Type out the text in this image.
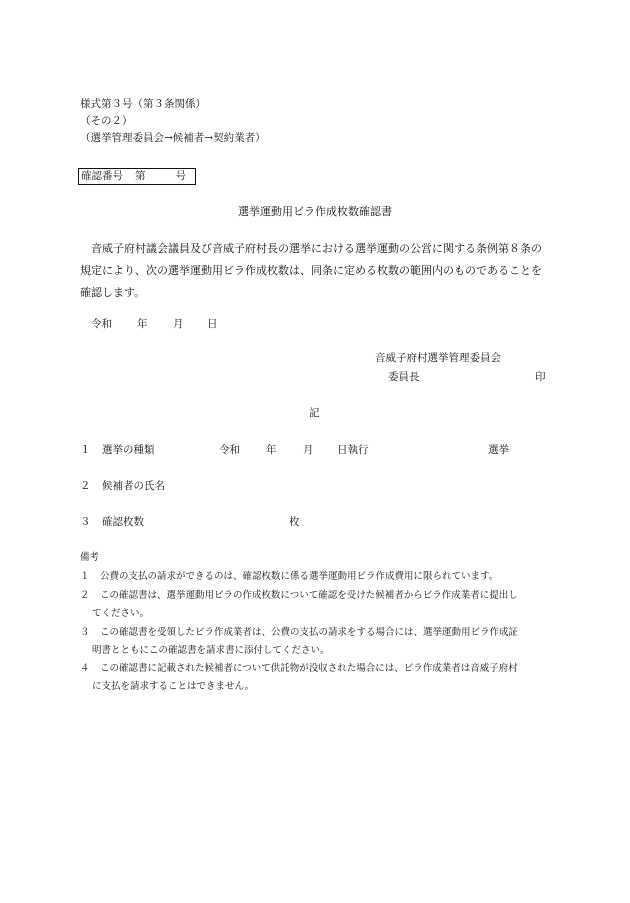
様式第３号（第３条関係）
（その２）
（選挙管理委員会→候補者→契約業者）
確認番号 第	号
選挙運動用ビラ作成枚数確認書
音威子府村議会議員及び音威子府村長の選挙における選挙運動の公営に関する条例第８条の規定により、次の選挙運動用ビラ作成枚数は、同条に定める枚数の範囲内のものであることを確認します。
令和 年 月 日
音威子府村選挙管理委員会
委員長	印
記
１ 選挙の種類	令和 年	月 日執行	選挙
２ 候補者の氏名
３ 確認枚数	枚
備考
１ 公費の支払の請求ができるのは、確認枚数に係る選挙運動用ビラ作成費用に限られています。
２ この確認書は、選挙運動用ビラの作成枚数について確認を受けた候補者からビラ作成業者に提出し
てください。
３ この確認書を受領したビラ作成業者は、公費の支払の請求をする場合には、選挙運動用ビラ作成証
明書とともにこの確認書を請求書に添付してください。
４ この確認書に記載された候補者について供託物が没収された場合には、ビラ作成業者は音威子府村
に支払を請求することはできません。
